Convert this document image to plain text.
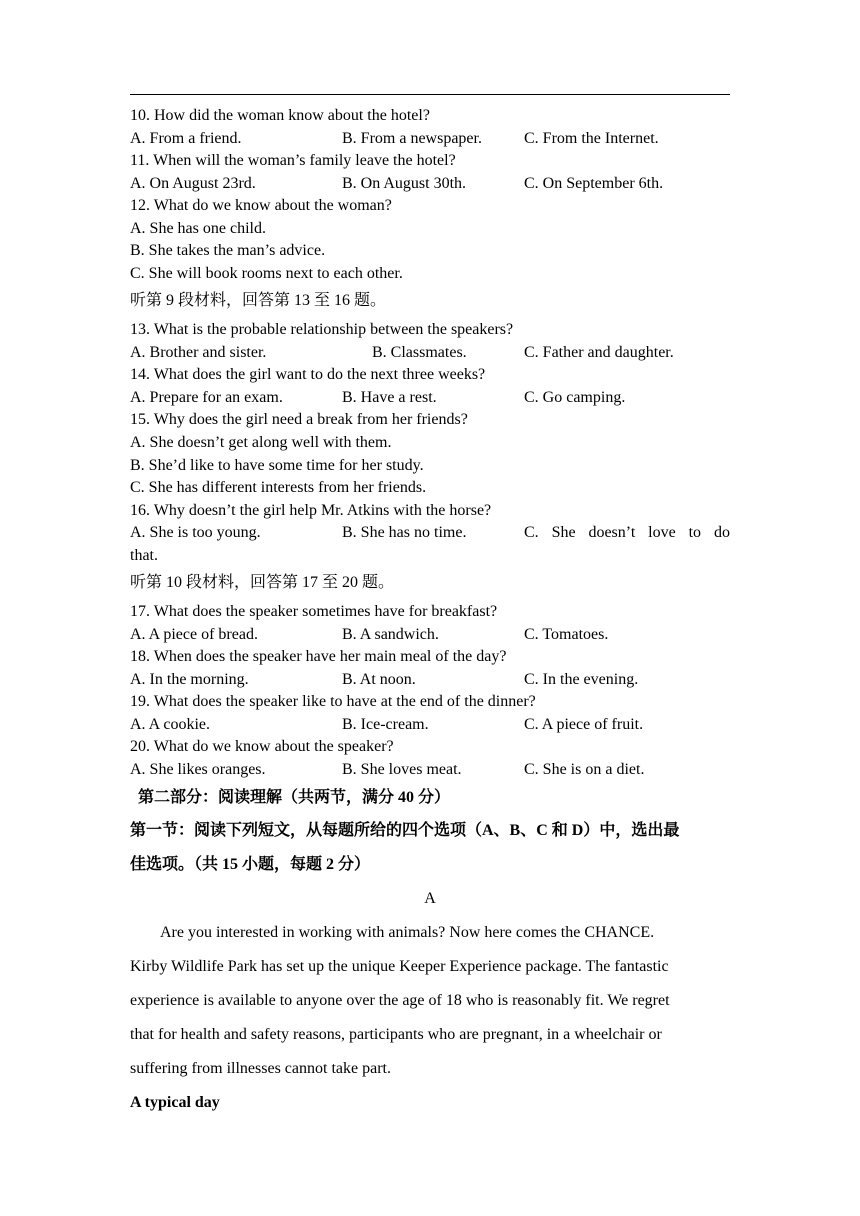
10. How did the woman know about the hotel?
A. From a friend.	B. From a newspaper.	C. From the Internet.
11. When will the woman’s family leave the hotel?
A. On August 23rd.	B. On August 30th.	C. On September 6th.
12. What do we know about the woman?
A. She has one child.
B. She takes the man’s advice.
C. She will book rooms next to each other.
听第 9 段材料，回答第 13 至 16 题。
13. What is the probable relationship between the speakers?
A. Brother and sister.	B. Classmates.	C. Father and daughter.
14. What does the girl want to do the next three weeks?
A. Prepare for an exam.	B. Have a rest.	C. Go camping.
15. Why does the girl need a break from her friends?
A. She doesn’t get along well with them.
B. She’d like to have some time for her study.
C. She has different interests from her friends.
16. Why doesn’t the girl help Mr. Atkins with the horse?
A. She is too young.	B. She has no time.	C. She doesn’t love to do
that.
听第 10 段材料，回答第 17 至 20 题。
17. What does the speaker sometimes have for breakfast?
A. A piece of bread.	B. A sandwich.	C. Tomatoes.
18. When does the speaker have her main meal of the day?
A. In the morning.	B. At noon.	C. In the evening.
19. What does the speaker like to have at the end of the dinner?
A. A cookie.	B. Ice-cream.	C. A piece of fruit.
20. What do we know about the speaker?
A. She likes oranges.	B. She loves meat.	C. She is on a diet.
第二部分：阅读理解（共两节，满分 40 分）
第一节：阅读下列短文，从每题所给的四个选项（A、B、C 和 D）中，选出最
佳选项。（共 15 小题，每题 2 分）
A
Are you interested in working with animals? Now here comes the CHANCE.
Kirby Wildlife Park has set up the unique Keeper Experience package. The fantastic
experience is available to anyone over the age of 18 who is reasonably fit. We regret
that for health and safety reasons, participants who are pregnant, in a wheelchair or
suffering from illnesses cannot take part.
A typical day
